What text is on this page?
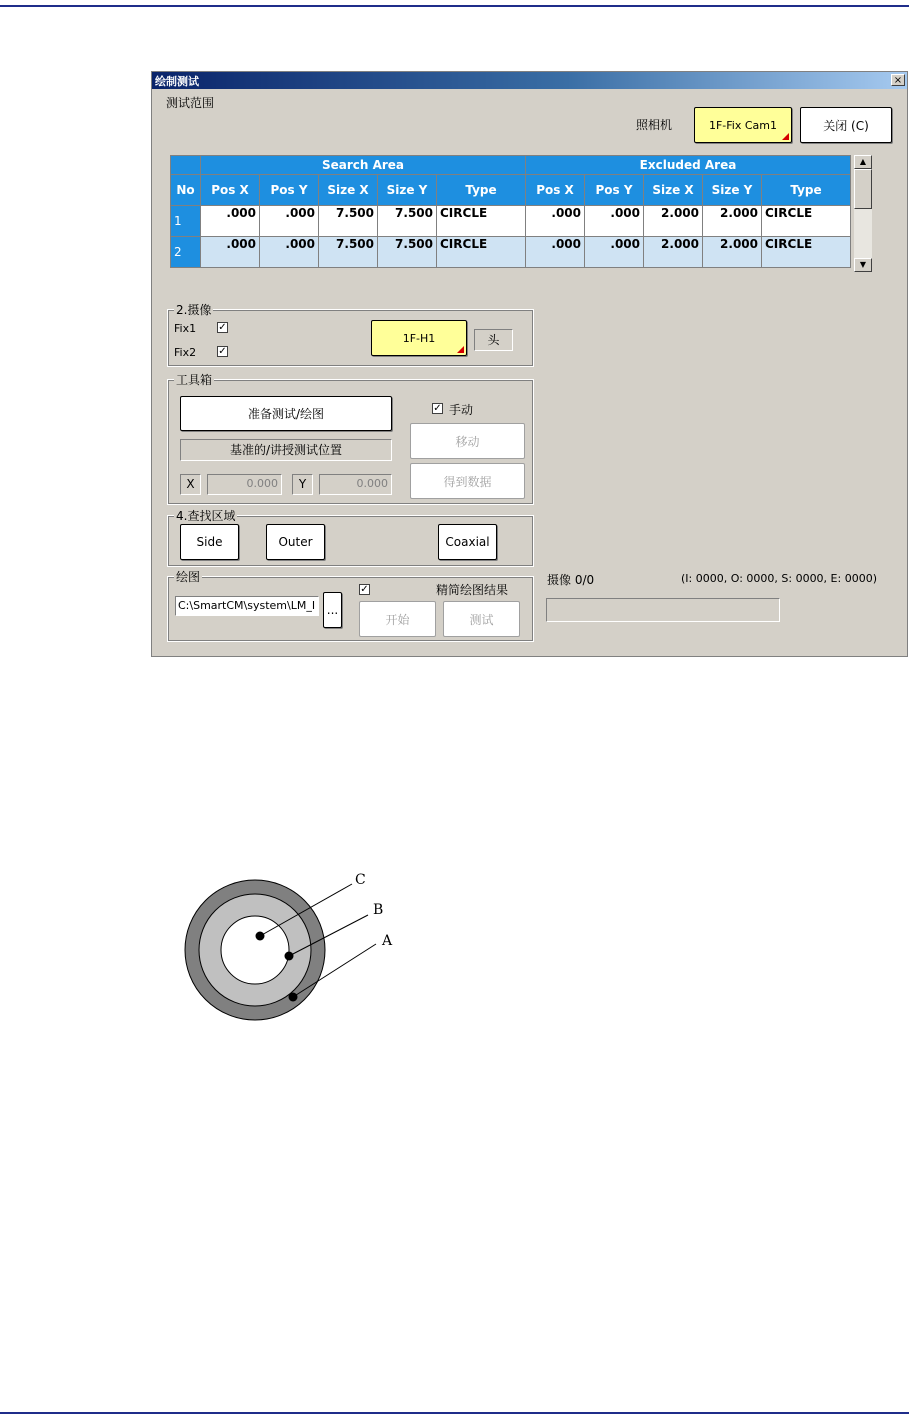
绘制测试	×
测试范围
照相机	1F-Fix Cam1	关闭 (C)
	Search Area					Excluded Area				
No	Pos X	Pos Y	Size X	Size Y	Type	Pos X	Pos Y	Size X	Size Y	Type
1	.000	.000	7.500	7.500	CIRCLE	.000	.000	2.000	2.000	CIRCLE
2	.000	.000	7.500	7.500	CIRCLE	.000	.000	2.000	2.000	CIRCLE
▲
▼
2.摄像
Fix1 ✓
Fix2 ✓
1F-H1	头
工具箱
准备测试/绘图	✓ 手动
移动
基准的/讲授测试位置
X	0.000	Y	0.000	得到数据
4.查找区域
Side	Outer	Coaxial
绘图
C:\SmartCM\system\LM_I ...
✓	精简绘图结果
开始	测试
摄像 0/0	(I: 0000, O: 0000, S: 0000, E: 0000)
C
B
A
